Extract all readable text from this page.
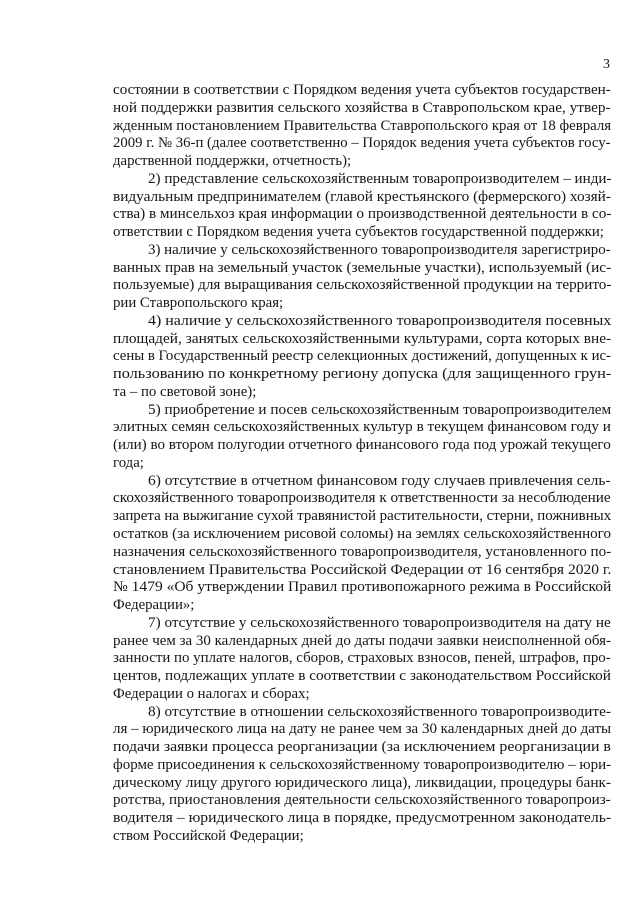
3
состоянии в соответствии с Порядком ведения учета субъектов государствен-
ной поддержки развития сельского хозяйства в Ставропольском крае, утвер-
жденным постановлением Правительства Ставропольского края от 18 февраля
2009 г. № 36-п (далее соответственно – Порядок ведения учета субъектов госу-
дарственной поддержки, отчетность);
2) представление сельскохозяйственным товаропроизводителем – инди-
видуальным предпринимателем (главой крестьянского (фермерского) хозяй-
ства) в минсельхоз края информации о производственной деятельности в со-
ответствии с Порядком ведения учета субъектов государственной поддержки;
3) наличие у сельскохозяйственного товаропроизводителя зарегистриро-
ванных прав на земельный участок (земельные участки), используемый (ис-
пользуемые) для выращивания сельскохозяйственной продукции на террито-
рии Ставропольского края;
4) наличие у сельскохозяйственного товаропроизводителя посевных
площадей, занятых сельскохозяйственными культурами, сорта которых вне-
сены в Государственный реестр селекционных достижений, допущенных к ис-
пользованию по конкретному региону допуска (для защищенного грун-
та – по световой зоне);
5) приобретение и посев сельскохозяйственным товаропроизводителем
элитных семян сельскохозяйственных культур в текущем финансовом году и
(или) во втором полугодии отчетного финансового года под урожай текущего
года;
6) отсутствие в отчетном финансовом году случаев привлечения сель-
скохозяйственного товаропроизводителя к ответственности за несоблюдение
запрета на выжигание сухой травянистой растительности, стерни, пожнивных
остатков (за исключением рисовой соломы) на землях сельскохозяйственного
назначения сельскохозяйственного товаропроизводителя, установленного по-
становлением Правительства Российской Федерации от 16 сентября 2020 г.
№ 1479 «Об утверждении Правил противопожарного режима в Российской
Федерации»;
7) отсутствие у сельскохозяйственного товаропроизводителя на дату не
ранее чем за 30 календарных дней до даты подачи заявки неисполненной обя-
занности по уплате налогов, сборов, страховых взносов, пеней, штрафов, про-
центов, подлежащих уплате в соответствии с законодательством Российской
Федерации о налогах и сборах;
8) отсутствие в отношении сельскохозяйственного товаропроизводите-
ля – юридического лица на дату не ранее чем за 30 календарных дней до даты
подачи заявки процесса реорганизации (за исключением реорганизации в
форме присоединения к сельскохозяйственному товаропроизводителю – юри-
дическому лицу другого юридического лица), ликвидации, процедуры банк-
ротства, приостановления деятельности сельскохозяйственного товаропроиз-
водителя – юридического лица в порядке, предусмотренном законодатель-
ством Российской Федерации;
